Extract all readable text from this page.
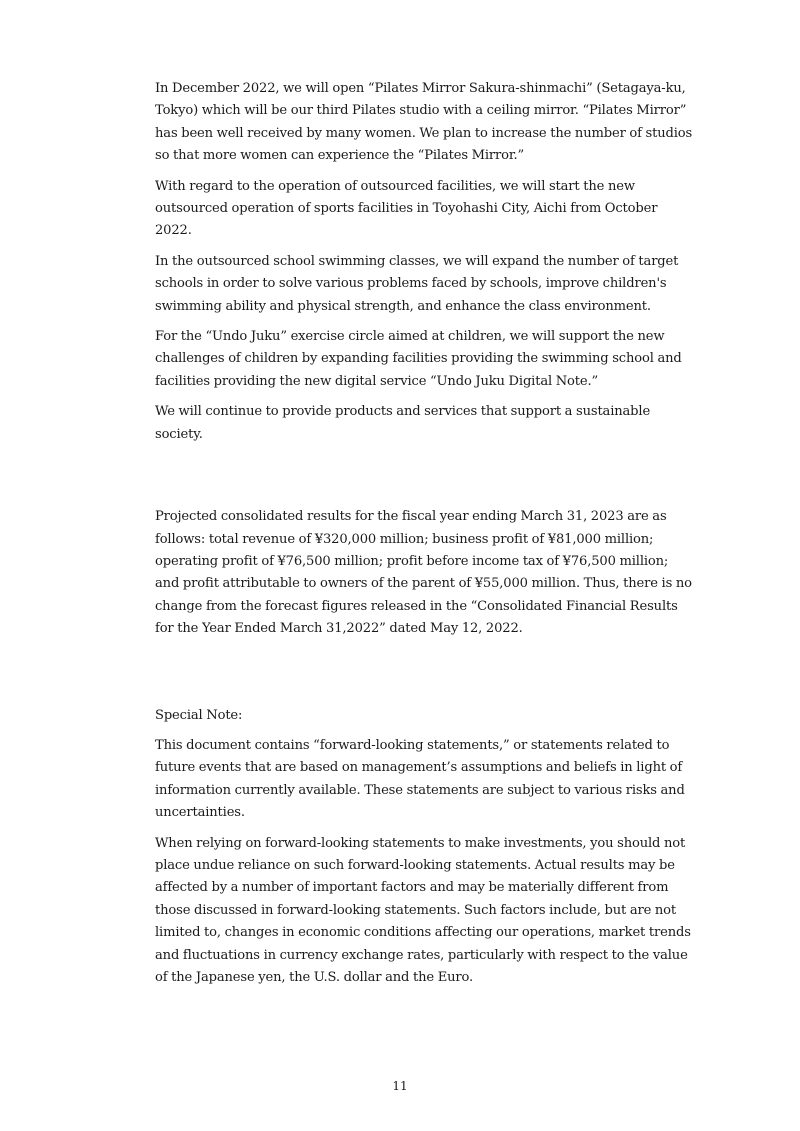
In December 2022, we will open “Pilates Mirror Sakura-shinmachi” (Setagaya-ku, Tokyo) which will be our third Pilates studio with a ceiling mirror. “Pilates Mirror” has been well received by many women. We plan to increase the number of studios so that more women can experience the “Pilates Mirror.”

With regard to the operation of outsourced facilities, we will start the new outsourced operation of sports facilities in Toyohashi City, Aichi from October 2022.

In the outsourced school swimming classes, we will expand the number of target schools in order to solve various problems faced by schools, improve children's swimming ability and physical strength, and enhance the class environment.

For the “Undo Juku” exercise circle aimed at children, we will support the new challenges of children by expanding facilities providing the swimming school and facilities providing the new digital service “Undo Juku Digital Note.”

We will continue to provide products and services that support a sustainable society.

Projected consolidated results for the fiscal year ending March 31, 2023 are as follows: total revenue of ¥320,000 million; business profit of ¥81,000 million; operating profit of ¥76,500 million; profit before income tax of ¥76,500 million; and profit attributable to owners of the parent of ¥55,000 million. Thus, there is no change from the forecast figures released in the “Consolidated Financial Results for the Year Ended March 31,2022” dated May 12, 2022.

Special Note:

This document contains “forward-looking statements,” or statements related to future events that are based on management’s assumptions and beliefs in light of information currently available. These statements are subject to various risks and uncertainties.

When relying on forward-looking statements to make investments, you should not place undue reliance on such forward-looking statements. Actual results may be affected by a number of important factors and may be materially different from those discussed in forward-looking statements. Such factors include, but are not limited to, changes in economic conditions affecting our operations, market trends and fluctuations in currency exchange rates, particularly with respect to the value of the Japanese yen, the U.S. dollar and the Euro.

11
